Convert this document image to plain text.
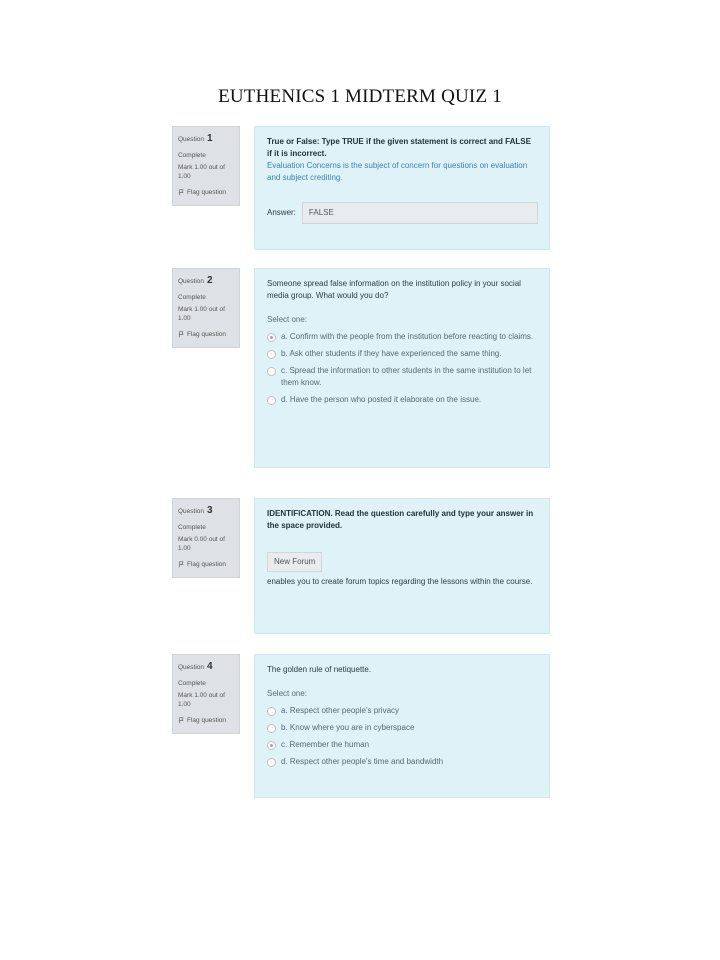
EUTHENICS 1 MIDTERM QUIZ 1
Question 1
Complete
Mark 1.00 out of 1.00
Flag question
True or False: Type TRUE if the given statement is correct and FALSE if it is incorrect.
Evaluation Concerns is the subject of concern for questions on evaluation and subject crediting.
Answer:	FALSE
Question 2
Complete
Mark 1.00 out of 1.00
Flag question
Someone spread false information on the institution policy in your social media group. What would you do?
Select one:
a. Confirm with the people from the institution before reacting to claims.
b. Ask other students if they have experienced the same thing.
c. Spread the information to other students in the same institution to let them know.
d. Have the person who posted it elaborate on the issue.
Question 3
Complete
Mark 0.00 out of 1.00
Flag question
IDENTIFICATION. Read the question carefully and type your answer in the space provided.
New Forum
enables you to create forum topics regarding the lessons within the course.
Question 4
Complete
Mark 1.00 out of 1.00
Flag question
The golden rule of netiquette.
Select one:
a. Respect other people's privacy
b. Know where you are in cyberspace
c. Remember the human
d. Respect other people's time and bandwidth
